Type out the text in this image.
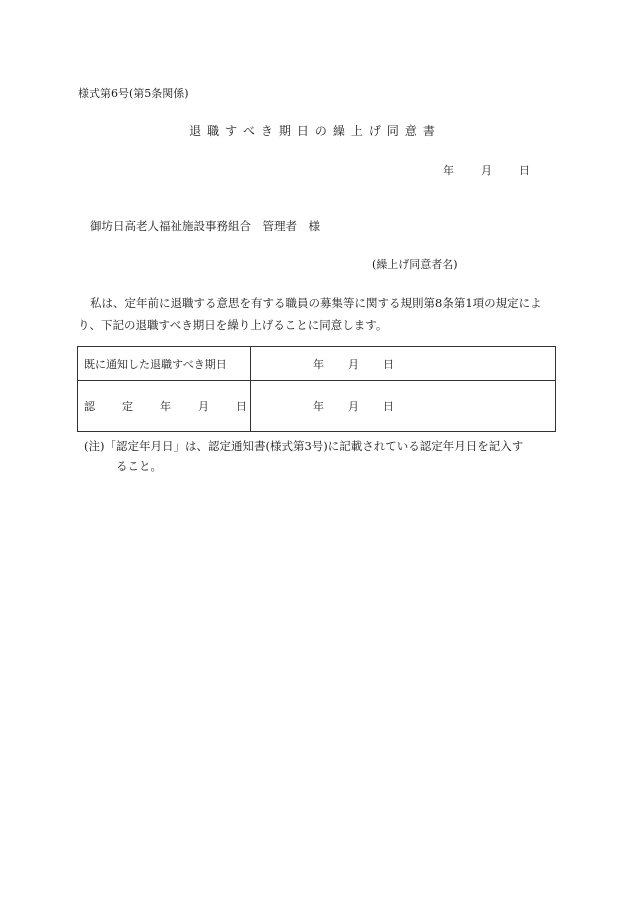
様式第6号(第5条関係)
退職すべき期日の繰上げ同意書
年 月 日
御坊日高老人福祉施設事務組合　管理者　様
(繰上げ同意者名)
私は、定年前に退職する意思を有する職員の募集等に関する規則第8条第1項の規定により、下記の退職すべき期日を繰り上げることに同意します。
既に通知した退職すべき期日	年 月 日
認 定 年 月 日	年 月 日
(注)「認定年月日」は、認定通知書(様式第3号)に記載されている認定年月日を記入す
ること。
